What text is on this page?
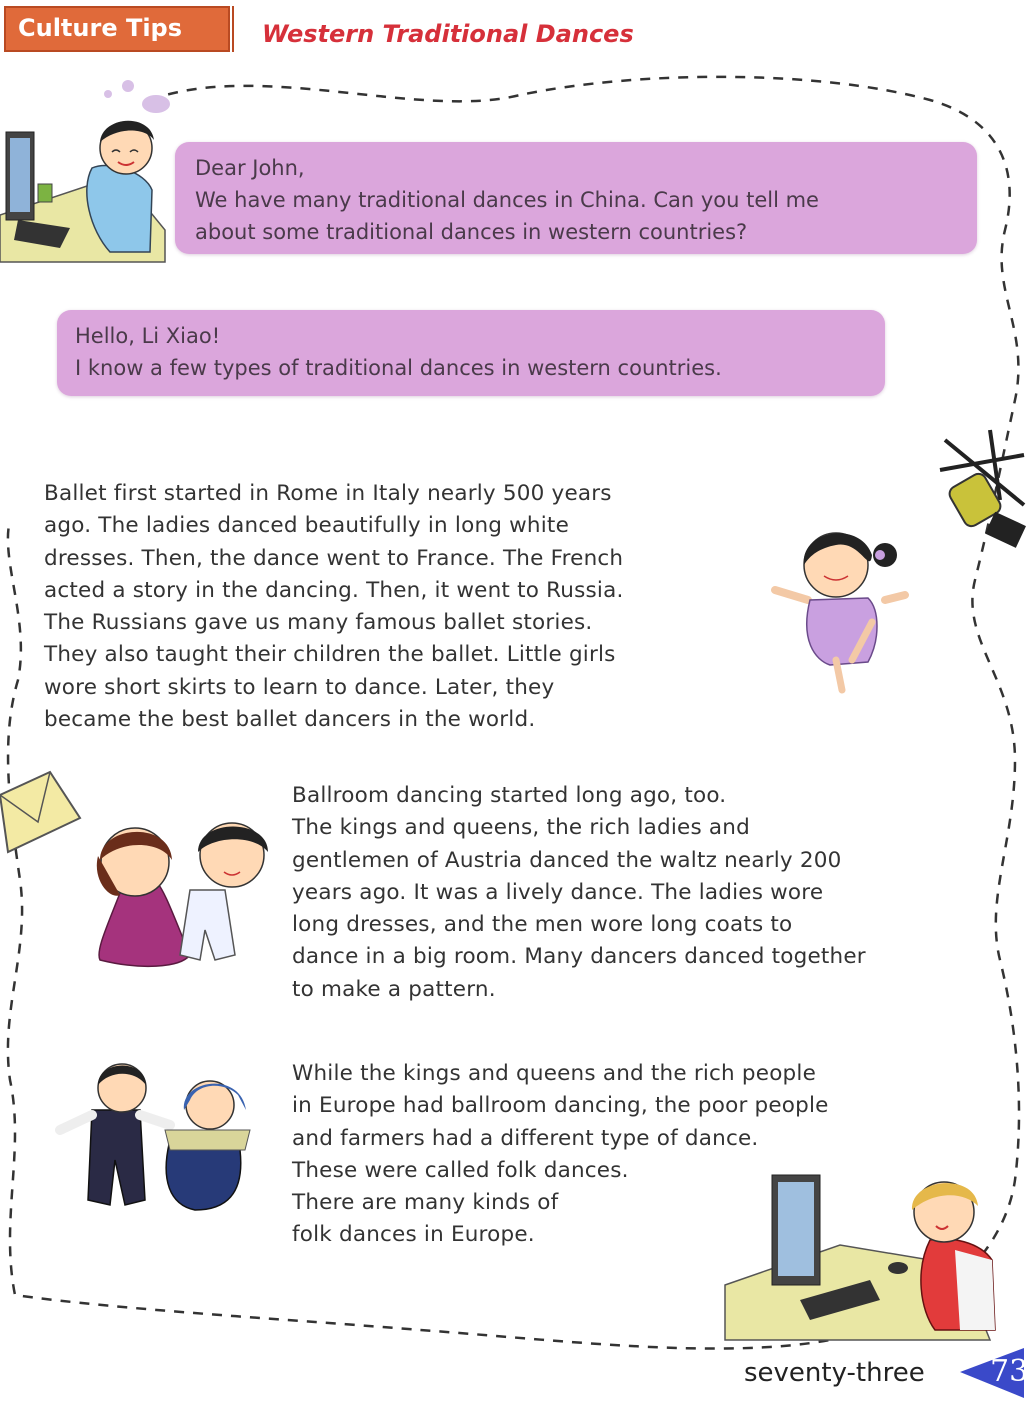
Culture Tips	Western Traditional Dances
Dear John,
We have many traditional dances in China. Can you tell me
about some traditional dances in western countries?
Hello, Li Xiao!
I know a few types of traditional dances in western countries.
Ballet first started in Rome in Italy nearly 500 years
ago. The ladies danced beautifully in long white
dresses. Then, the dance went to France. The French
acted a story in the dancing. Then, it went to Russia.
The Russians gave us many famous ballet stories.
They also taught their children the ballet. Little girls
wore short skirts to learn to dance. Later, they
became the best ballet dancers in the world.
Ballroom dancing started long ago, too.
The kings and queens, the rich ladies and
gentlemen of Austria danced the waltz nearly 200
years ago. It was a lively dance. The ladies wore
long dresses, and the men wore long coats to
dance in a big room. Many dancers danced together
to make a pattern.
While the kings and queens and the rich people
in Europe had ballroom dancing, the poor people
and farmers had a different type of dance.
These were called folk dances.
There are many kinds of
folk dances in Europe.
seventy-three 73
